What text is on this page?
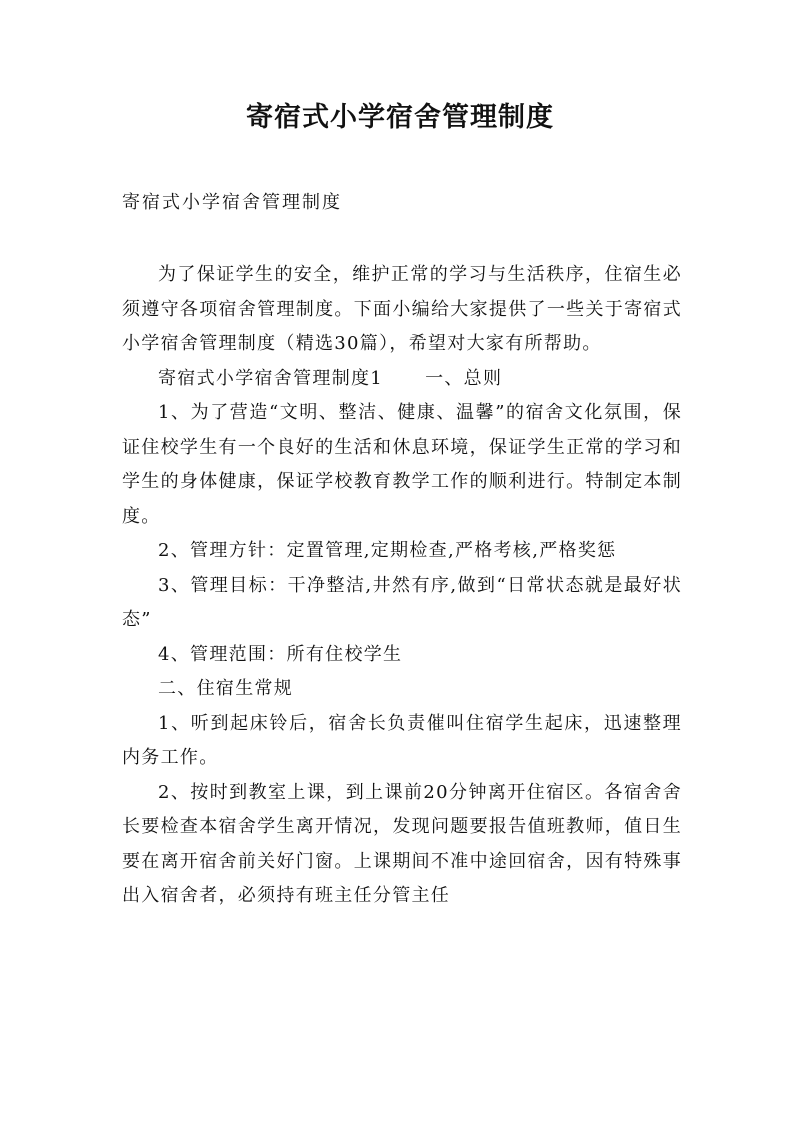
寄宿式小学宿舍管理制度

寄宿式小学宿舍管理制度

为了保证学生的安全，维护正常的学习与生活秩序，住宿生必须遵守各项宿舍管理制度。下面小编给大家提供了一些关于寄宿式小学宿舍管理制度（精选30篇），希望对大家有所帮助。

寄宿式小学宿舍管理制度1 一、总则

1、为了营造“文明、整洁、健康、温馨”的宿舍文化氛围，保证住校学生有一个良好的生活和休息环境，保证学生正常的学习和学生的身体健康，保证学校教育教学工作的顺利进行。特制定本制度。

2、管理方针：定置管理,定期检查,严格考核,严格奖惩

3、管理目标：干净整洁,井然有序,做到“日常状态就是最好状态”

4、管理范围：所有住校学生

二、住宿生常规

1、听到起床铃后，宿舍长负责催叫住宿学生起床，迅速整理内务工作。

2、按时到教室上课，到上课前20分钟离开住宿区。各宿舍舍长要检查本宿舍学生离开情况，发现问题要报告值班教师，值日生要在离开宿舍前关好门窗。上课期间不准中途回宿舍，因有特殊事出入宿舍者，必须持有班主任分管主任
